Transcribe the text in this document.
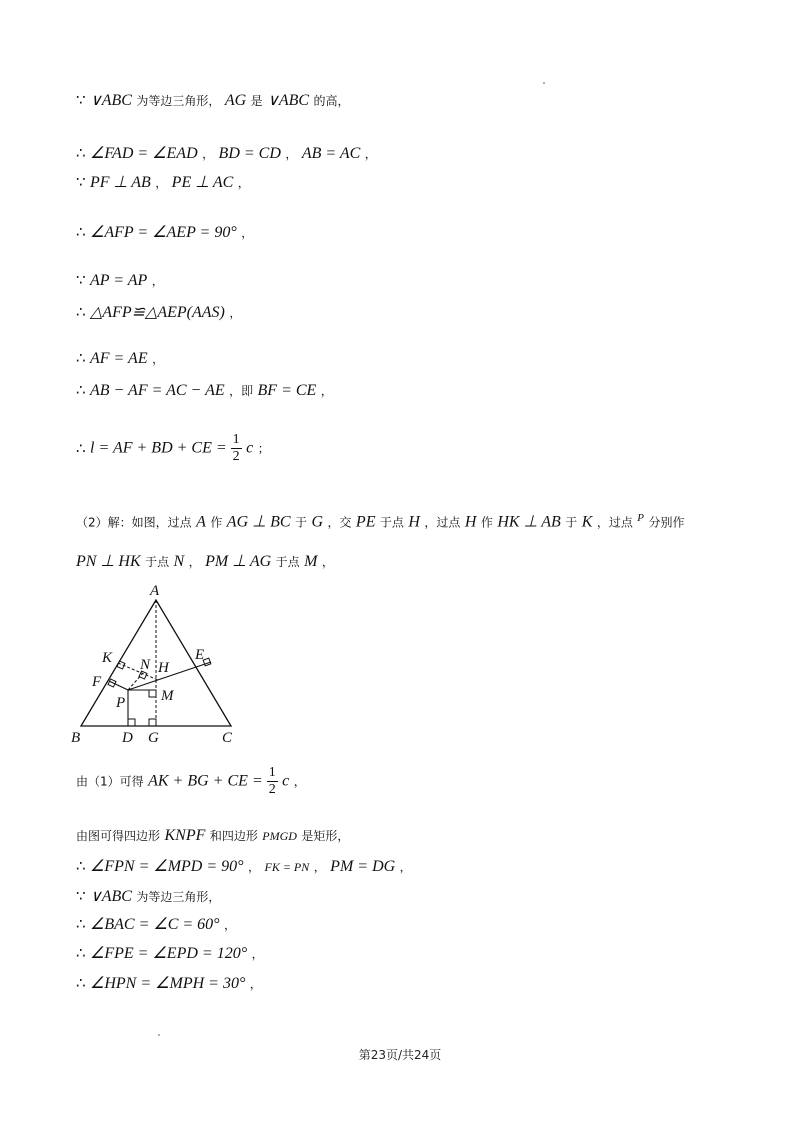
∵ ∨ABC 为等边三角形， AG 是 ∨ABC 的高，
∴ ∠FAD = ∠EAD ， BD = CD ， AB = AC ，
∵ PF ⊥ AB ， PE ⊥ AC ，
∴ ∠AFP = ∠AEP = 90° ，
∵ AP = AP ，
∴ △AFP≌△AEP(AAS) ，
∴ AF = AE ，
∴ AB − AF = AC − AE ，即 BF = CE ，
∴ l = AF + BD + CE = $\frac{1}{2}$ c ；
（2）解：如图，过点 A 作 AG ⊥ BC 于 G ，交 PE 于点 H ，过点 H 作 HK ⊥ AB 于 K ，过点 $^P$ 分别作
PN ⊥ HK 于点 N ， PM ⊥ AG 于点 M ，
A
B	C
D G
E
F
K N H
M
P
由（1）可得 AK + BG + CE = $\frac{1}{2}$ c ，
由图可得四边形 KNPF 和四边形 PMGD 是矩形，
∴ ∠FPN = ∠MPD = 90° ， FK = PN ， PM = DG ，
∵ ∨ABC 为等边三角形，
∴ ∠BAC = ∠C = 60° ，
∴ ∠FPE = ∠EPD = 120° ，
∴ ∠HPN = ∠MPH = 30° ，
第23页/共24页
